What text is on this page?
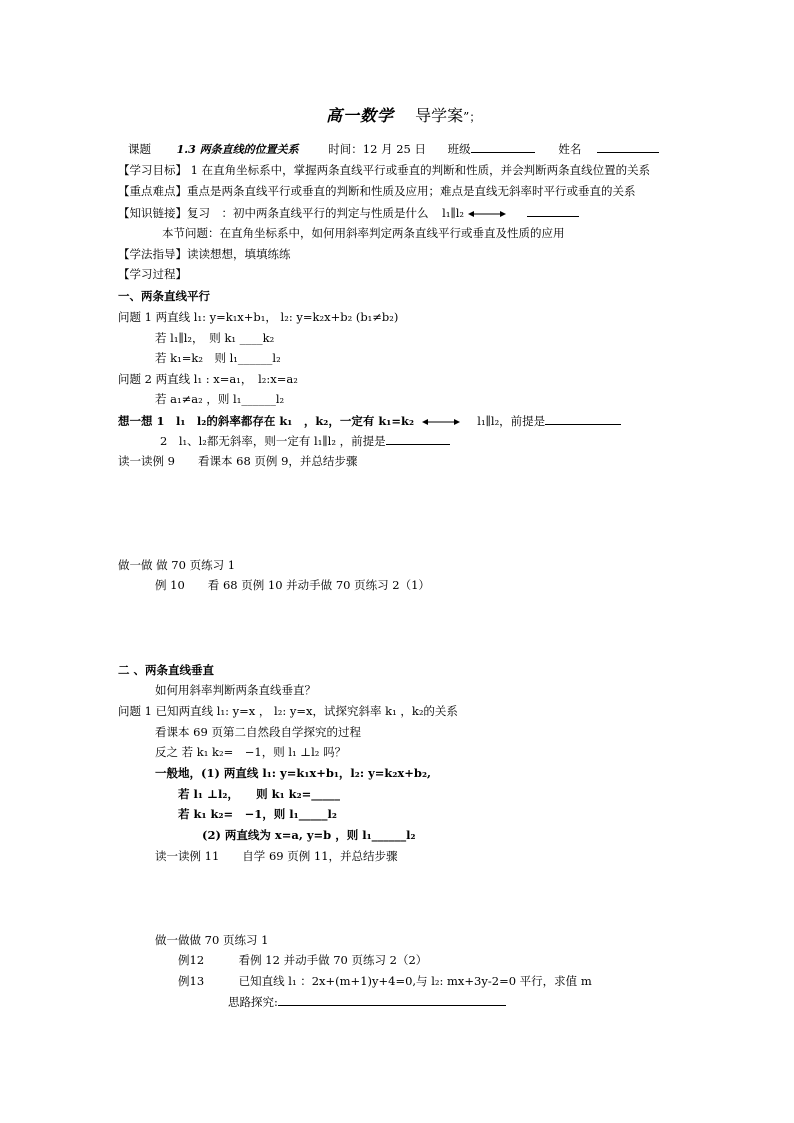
高一数学 导学案”；
课题 1.3 两条直线的位置关系	时间：12 月 25 日 班级	姓名
【学习目标】 1 在直角坐标系中，掌握两条直线平行或垂直的判断和性质，并会判断两条直线位置的关系
【重点难点】重点是两条直线平行或垂直的判断和性质及应用；难点是直线无斜率时平行或垂直的关系
【知识链接】复习　：初中两条直线平行的判定与性质是什么 l₁∥l₂
本节问题：在直角坐标系中，如何用斜率判定两条直线平行或垂直及性质的应用
【学法指导】读读想想，填填练练
【学习过程】
一、两条直线平行
问题 1 两直线 l₁: y=k₁x+b₁， l₂: y=k₂x+b₂ (b₁≠b₂)
若 l₁∥l₂，　则 k₁ ____k₂
若 k₁=k₂　则 l₁______l₂
问题 2 两直线 l₁ : x=a₁，　l₂:x=a₂
若 a₁≠a₂ ，则 l₁______l₂
想一想 1　l₁　l₂的斜率都存在 k₁　，k₂，一定有 k₁=k₂	l₁∥l₂，前提是
2　l₁、l₂都无斜率，则一定有 l₁∥l₂ ，前提是
读一读例 9　　看课本 68 页例 9，并总结步骤
做一做 做 70 页练习 1
例 10　　看 68 页例 10 并动手做 70 页练习 2（1）
二 、两条直线垂直
如何用斜率判断两条直线垂直？
问题 1 已知两直线 l₁: y=x ， l₂: y=x，试探究斜率 k₁ ，k₂的关系
看课本 69 页第二自然段自学探究的过程
反之 若 k₁ k₂=　−1，则 l₁ ⊥l₂ 吗？
一般地，(1) 两直线 l₁: y=k₁x+b₁，l₂: y=k₂x+b₂,
若 l₁ ⊥l₂，　　则 k₁ k₂=_____
若 k₁ k₂=　−1，则 l₁_____l₂
(2) 两直线为 x=a, y=b ，则 l₁______l₂
读一读例 11　　自学 69 页例 11，并总结步骤
做一做做 70 页练习 1
例12　　　看例 12 并动手做 70 页练习 2（2）
例13　　　已知直线 l₁ ：2x+(m+1)y+4=0,与 l₂: mx+3y-2=0 平行，求值 m
思路探究:
